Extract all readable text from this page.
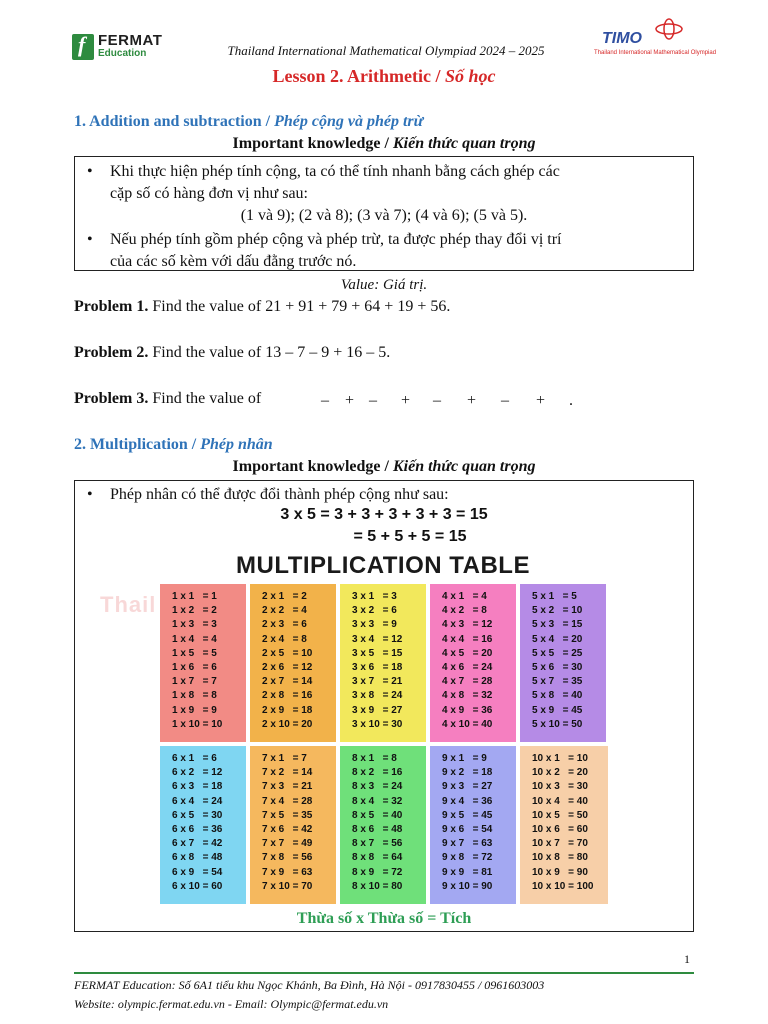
f
FERMAT
Education	Thailand International Mathematical Olympiad 2024 – 2025
TIMO
Thailand International Mathematical Olympiad
Lesson 2. Arithmetic / Số học
1. Addition and subtraction / Phép cộng và phép trừ
Important knowledge / Kiến thức quan trọng
• Khi thực hiện phép tính cộng, ta có thể tính nhanh bằng cách ghép các
cặp số có hàng đơn vị như sau:
(1 và 9); (2 và 8); (3 và 7); (4 và 6); (5 và 5).
• Nếu phép tính gồm phép cộng và phép trừ, ta được phép thay đổi vị trí
của các số kèm với dấu đằng trước nó.
Value: Giá trị.
Problem 1. Find the value of 21 + 91 + 79 + 64 + 19 + 56.
Problem 2. Find the value of 13 – 7 – 9 + 16 – 5.
Problem 3. Find the value of	– + – + – + – + .
2. Multiplication / Phép nhân
Important knowledge / Kiến thức quan trọng
• Phép nhân có thể được đổi thành phép cộng như sau:
3 x 5 = 3 + 3 + 3 + 3 + 3 = 15
= 5 + 5 + 5 = 15
Thail
MULTIPLICATION TABLE
1 x 1   = 1
1 x 2   = 2
1 x 3   = 3
1 x 4   = 4
1 x 5   = 5
1 x 6   = 6
1 x 7   = 7
1 x 8   = 8
1 x 9   = 9
1 x 10 = 10
2 x 1   = 2
2 x 2   = 4
2 x 3   = 6
2 x 4   = 8
2 x 5   = 10
2 x 6   = 12
2 x 7   = 14
2 x 8   = 16
2 x 9   = 18
2 x 10 = 20
3 x 1   = 3
3 x 2   = 6
3 x 3   = 9
3 x 4   = 12
3 x 5   = 15
3 x 6   = 18
3 x 7   = 21
3 x 8   = 24
3 x 9   = 27
3 x 10 = 30
4 x 1   = 4
4 x 2   = 8
4 x 3   = 12
4 x 4   = 16
4 x 5   = 20
4 x 6   = 24
4 x 7   = 28
4 x 8   = 32
4 x 9   = 36
4 x 10 = 40
5 x 1   = 5
5 x 2   = 10
5 x 3   = 15
5 x 4   = 20
5 x 5   = 25
5 x 6   = 30
5 x 7   = 35
5 x 8   = 40
5 x 9   = 45
5 x 10 = 50
6 x 1   = 6
6 x 2   = 12
6 x 3   = 18
6 x 4   = 24
6 x 5   = 30
6 x 6   = 36
6 x 7   = 42
6 x 8   = 48
6 x 9   = 54
6 x 10 = 60
7 x 1   = 7
7 x 2   = 14
7 x 3   = 21
7 x 4   = 28
7 x 5   = 35
7 x 6   = 42
7 x 7   = 49
7 x 8   = 56
7 x 9   = 63
7 x 10 = 70
8 x 1   = 8
8 x 2   = 16
8 x 3   = 24
8 x 4   = 32
8 x 5   = 40
8 x 6   = 48
8 x 7   = 56
8 x 8   = 64
8 x 9   = 72
8 x 10 = 80
9 x 1   = 9
9 x 2   = 18
9 x 3   = 27
9 x 4   = 36
9 x 5   = 45
9 x 6   = 54
9 x 7   = 63
9 x 8   = 72
9 x 9   = 81
9 x 10 = 90
10 x 1   = 10
10 x 2   = 20
10 x 3   = 30
10 x 4   = 40
10 x 5   = 50
10 x 6   = 60
10 x 7   = 70
10 x 8   = 80
10 x 9   = 90
10 x 10 = 100
Thừa số x Thừa số = Tích
1
FERMAT Education: Số 6A1 tiểu khu Ngọc Khánh, Ba Đình, Hà Nội - 0917830455 / 0961603003
Website: olympic.fermat.edu.vn - Email: Olympic@fermat.edu.vn
